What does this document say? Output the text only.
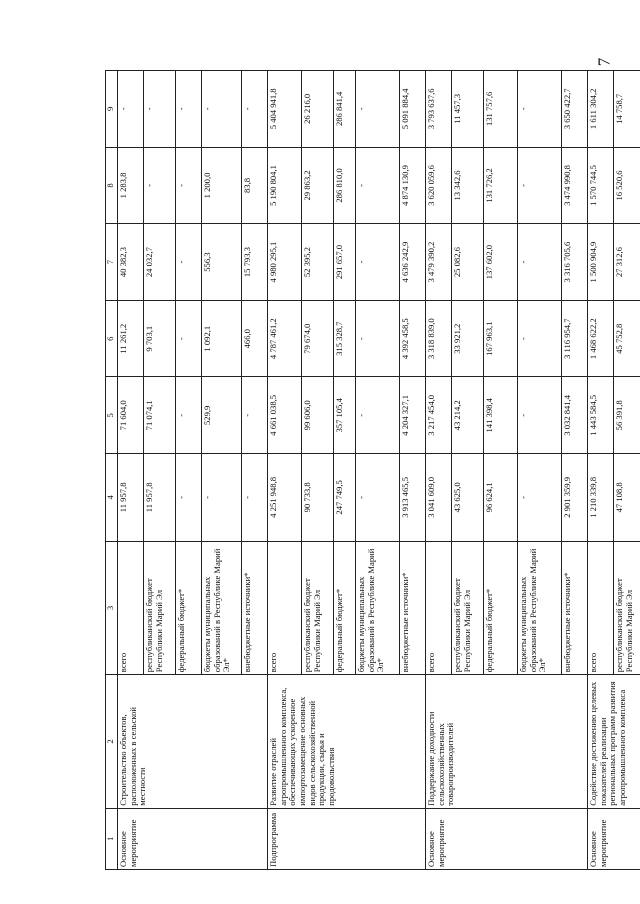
7
1	2	3	4	5	6	7	8	9
Основное мероприятие	Строительство объектов, расположенных в сельской местности	всего	11 957,8	71 604,0	11 261,2	40 382,3	1 283,8	-
		республиканский бюджет Республики Марий Эл	11 957,8	71 074,1	9 703,1	24 032,7	-	-
		федеральный бюджет*	-	-	-	-	-	-
		бюджеты муниципальных образований в Республике Марий Эл*	-	529,9	1 092,1	556,3	1 200,0	-
		внебюджетные источники*	-	-	466,0	15 793,3	83,8	-
Подпрограмма	Развитие отраслей агропромышленного комплекса, обеспечивающих ускоренное импортозамещение основных видов сельскохозяйственной продукции, сырья и продовольствия	всего	4 251 948,8	4 661 038,5	4 787 461,2	4 980 295,1	5 190 804,1	5 404 941,8
		республиканский бюджет Республики Марий Эл	90 733,8	99 606,0	79 674,0	52 395,2	29 863,2	26 216,0
		федеральный бюджет*	247 749,5	357 105,4	315 328,7	291 657,0	286 810,0	286 841,4
		бюджеты муниципальных образований в Республике Марий Эл*	-	-	-	-	-	-
		внебюджетные источники*	3 913 465,5	4 204 327,1	4 392 458,5	4 636 242,9	4 874 130,9	5 091 884,4
Основное мероприятие	Поддержание доходности сельскохозяйственных товаропроизводителей	всего	3 041 609,0	3 217 454,0	3 318 839,0	3 479 390,2	3 620 059,6	3 793 637,6
		республиканский бюджет Республики Марий Эл	43 625,0	43 214,2	33 921,2	25 082,6	13 342,6	11 457,3
		федеральный бюджет*	96 624,1	141 398,4	167 963,1	137 602,0	131 726,2	131 757,6
		бюджеты муниципальных образований в Республике Марий Эл*	-	-	-	-	-	-
		внебюджетные источники*	2 901 359,9	3 032 841,4	3 116 954,7	3 316 705,6	3 474 990,8	3 650 422,7
Основное мероприятие	Содействие достижению целевых показателей реализации региональных программ развития агропромышленного комплекса	всего	1 210 339,8	1 443 584,5	1 468 622,2	1 500 904,9	1 570 744,5	1 611 304,2
		республиканский бюджет Республики Марий Эл	47 108,8	56 391,8	45 752,8	27 312,6	16 520,6	14 758,7
